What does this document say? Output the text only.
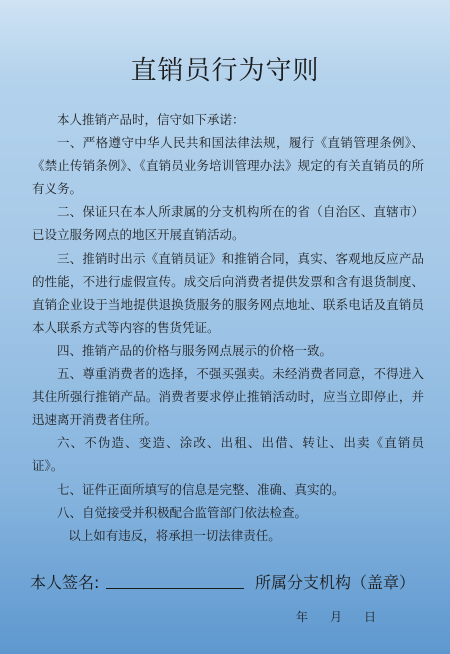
直销员行为守则

本人推销产品时，信守如下承诺：

一、严格遵守中华人民共和国法律法规，履行《直销管理条例》、《禁止传销条例》、《直销员业务培训管理办法》规定的有关直销员的所有义务。

二、保证只在本人所隶属的分支机构所在的省（自治区、直辖市）已设立服务网点的地区开展直销活动。

三、推销时出示《直销员证》和推销合同，真实、客观地反应产品的性能，不进行虚假宣传。成交后向消费者提供发票和含有退货制度、直销企业设于当地提供退换货服务的服务网点地址、联系电话及直销员本人联系方式等内容的售货凭证。

四、推销产品的价格与服务网点展示的价格一致。

五、尊重消费者的选择，不强买强卖。未经消费者同意，不得进入其住所强行推销产品。消费者要求停止推销活动时，应当立即停止，并迅速离开消费者住所。

六、不伪造、变造、涂改、出租、出借、转让、出卖《直销员证》。

七、证件正面所填写的信息是完整、准确、真实的。

八、自觉接受并积极配合监管部门依法检查。

以上如有违反，将承担一切法律责任。

本人签名:	所属分支机构（盖章）
年 月 日
